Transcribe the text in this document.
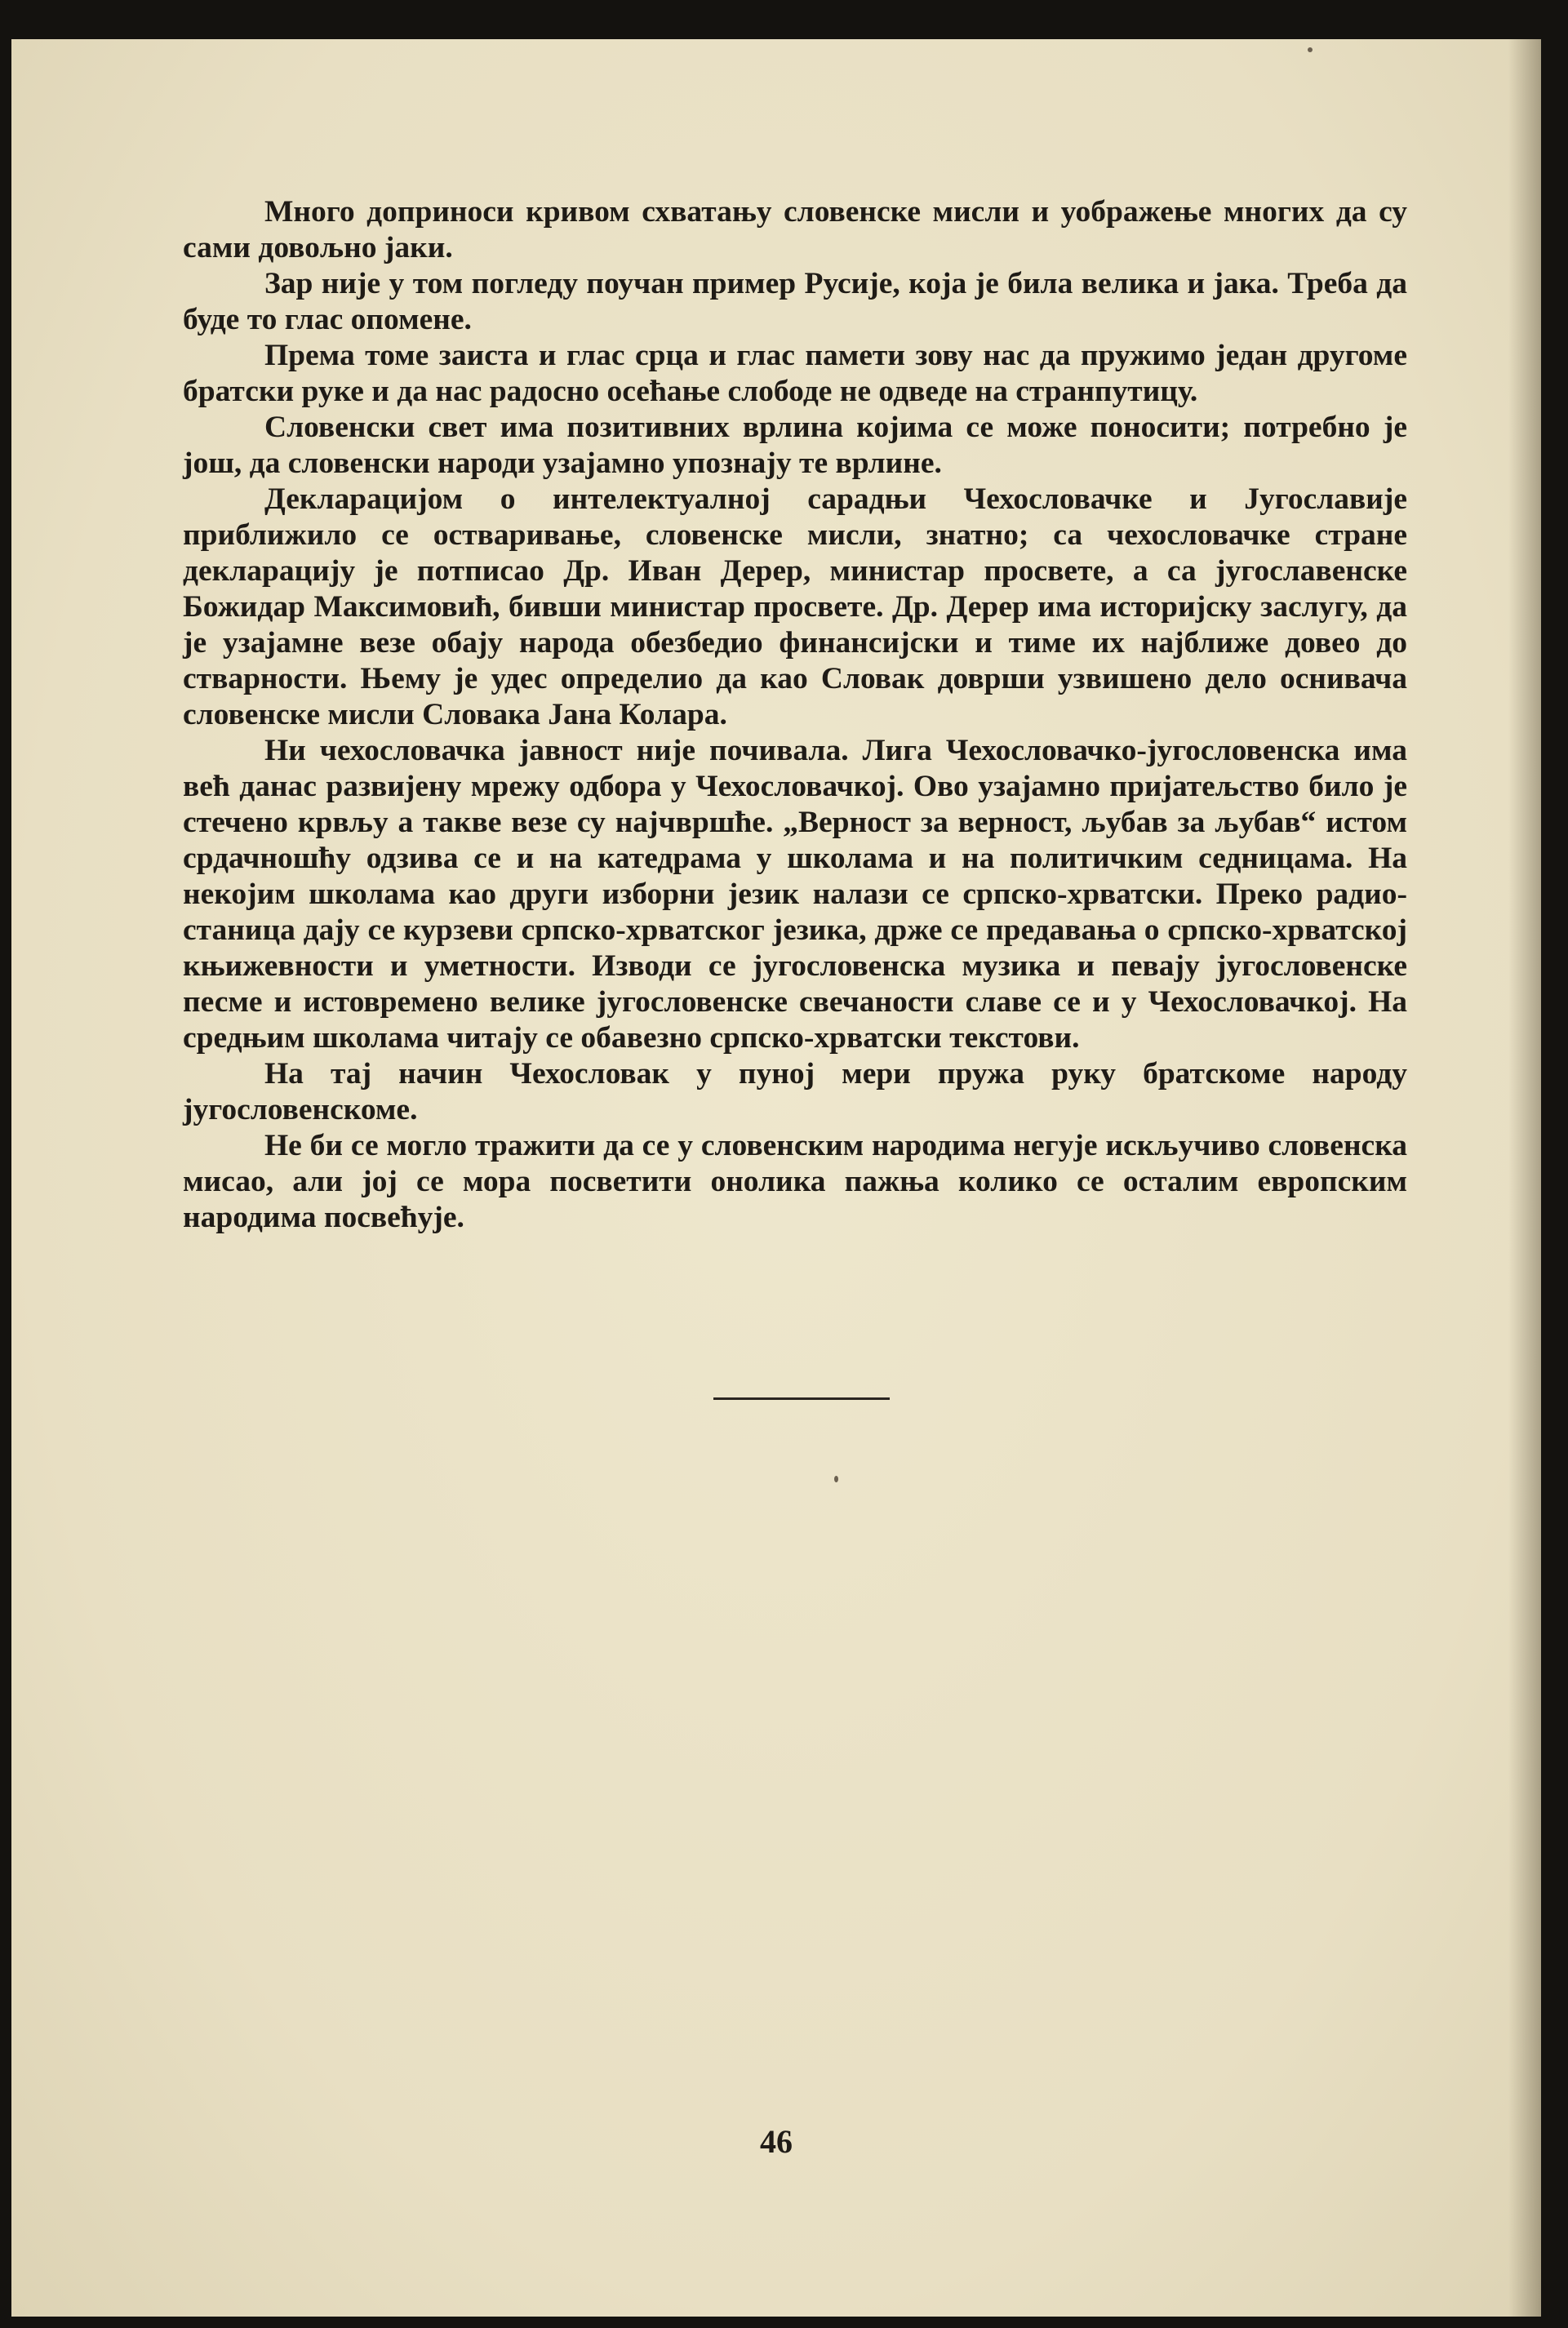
Много доприноси кривом схватању словенске мисли и уображење многих да су сами довољно јаки.

Зар није у том погледу поучан пример Русије, која је била велика и јака. Треба да буде то глас опомене.

Према томе заиста и глас срца и глас памети зову нас да пружимо један другоме братски руке и да нас радосно осећање слободе не одведе на странпутицу.

Словенски свет има позитивних врлина којима се може поносити; потребно је још, да словенски народи узајамно упознају те врлине.

Декларацијом о интелектуалној сарадњи Чехословачке и Југославије приближило се остваривање, словенске мисли, знатно; са чехословачке стране декларацију је потписао Др. Иван Дерер, министар просвете, а са југославенске Божидар Максимовић, бивши министар просвете. Др. Дерер има историјску заслугу, да је узајамне везе обају народа обезбедио финансијски и тиме их најближе довео до стварности. Њему је удес определио да као Словак доврши узвишено дело оснивача словенске мисли Словака Јана Колара.

Ни чехословачка јавност није почивала. Лига Чехословачко-југословенска има већ данас развијену мрежу одбора у Чехословачкој. Ово узајамно пријатељство било је стечено крвљу а такве везе су најчвршће. „Верност за верност, љубав за љубав“ истом срдачношћу одзива се и на катедрама у школама и на политичким седницама. На некојим школама као други изборни језик налази се српско-хрватски. Преко радио-станица дају се курзеви српско-хрватског језика, држе се предавања о српско-хрватској књижевности и уметности. Изводи се југословенска музика и певају југословенске песме и истовремено велике југословенске свечаности славе се и у Чехословачкој. На средњим школама читају се обавезно српско-хрватски текстови.

На тај начин Чехословак у пуној мери пружа руку братскоме народу југословенскоме.

Не би се могло тражити да се у словенским народима негује искључиво словенска мисао, али јој се мора посветити онолика пажња колико се осталим европским народима посвећује.

46
